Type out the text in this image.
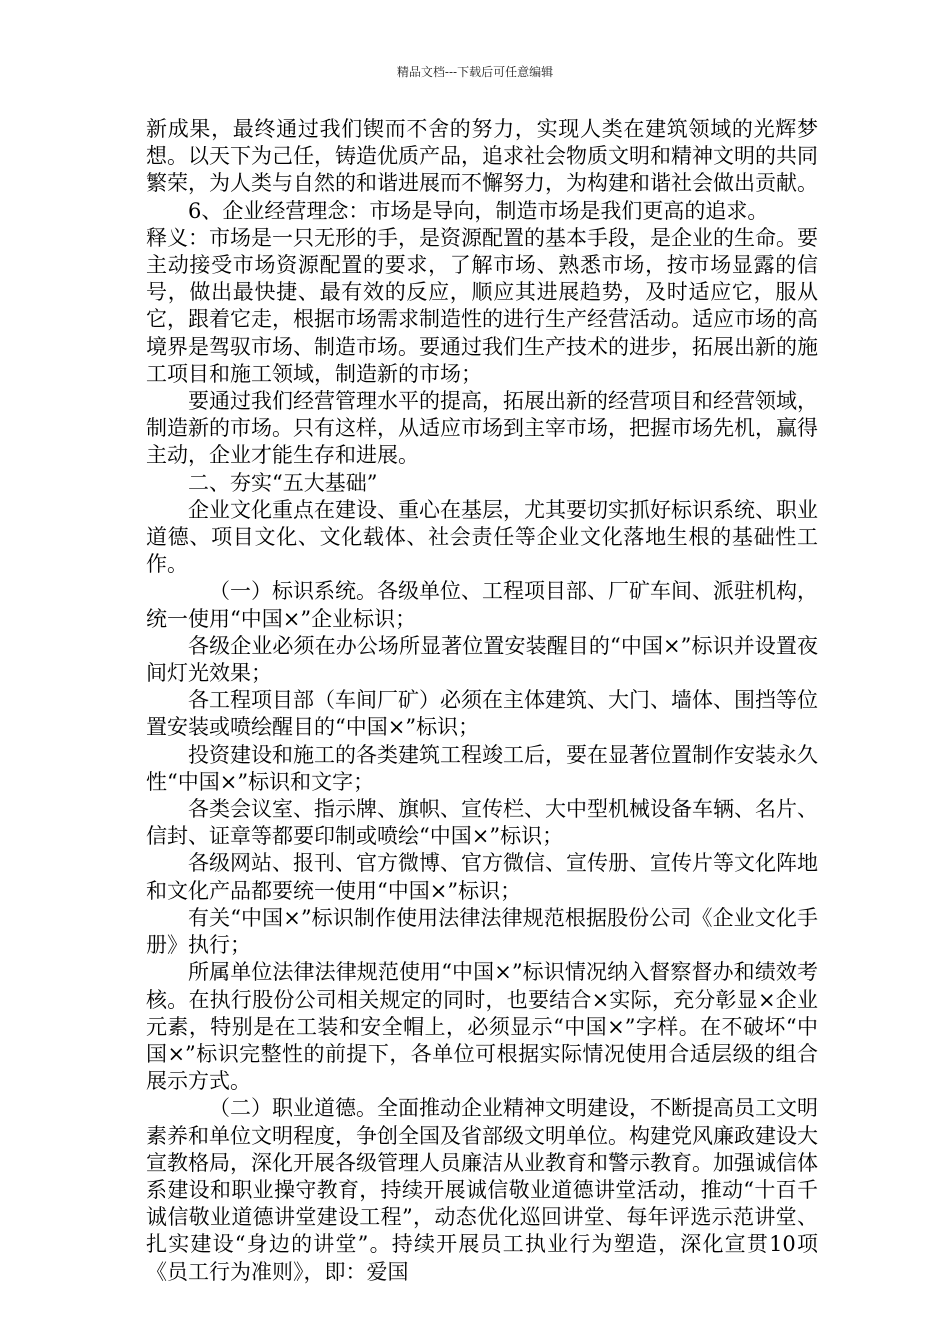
精品文档---下载后可任意编辑

新成果，最终通过我们锲而不舍的努力，实现人类在建筑领域的光辉梦想。以天下为己任，铸造优质产品，追求社会物质文明和精神文明的共同繁荣，为人类与自然的和谐进展而不懈努力，为构建和谐社会做出贡献。

6、企业经营理念：市场是导向，制造市场是我们更高的追求。

释义：市场是一只无形的手，是资源配置的基本手段，是企业的生命。要主动接受市场资源配置的要求，了解市场、熟悉市场，按市场显露的信号，做出最快捷、最有效的反应，顺应其进展趋势，及时适应它，服从它，跟着它走，根据市场需求制造性的进行生产经营活动。适应市场的高境界是驾驭市场、制造市场。要通过我们生产技术的进步，拓展出新的施工项目和施工领域，制造新的市场；

要通过我们经营管理水平的提高，拓展出新的经营项目和经营领域，制造新的市场。只有这样，从适应市场到主宰市场，把握市场先机，赢得主动，企业才能生存和进展。

二、夯实“五大基础”

企业文化重点在建设、重心在基层，尤其要切实抓好标识系统、职业道德、项目文化、文化载体、社会责任等企业文化落地生根的基础性工作。

（一）标识系统。各级单位、工程项目部、厂矿车间、派驻机构，统一使用“中国×”企业标识；

各级企业必须在办公场所显著位置安装醒目的“中国×”标识并设置夜间灯光效果；

各工程项目部（车间厂矿）必须在主体建筑、大门、墙体、围挡等位置安装或喷绘醒目的“中国×”标识；

投资建设和施工的各类建筑工程竣工后，要在显著位置制作安装永久性“中国×”标识和文字；

各类会议室、指示牌、旗帜、宣传栏、大中型机械设备车辆、名片、信封、证章等都要印制或喷绘“中国×”标识；

各级网站、报刊、官方微博、官方微信、宣传册、宣传片等文化阵地和文化产品都要统一使用“中国×”标识；

有关“中国×”标识制作使用法律法律规范根据股份公司《企业文化手册》执行；

所属单位法律法律规范使用“中国×”标识情况纳入督察督办和绩效考核。在执行股份公司相关规定的同时，也要结合×实际，充分彰显×企业元素，特别是在工装和安全帽上，必须显示“中国×”字样。在不破坏“中国×”标识完整性的前提下，各单位可根据实际情况使用合适层级的组合展示方式。

（二）职业道德。全面推动企业精神文明建设，不断提高员工文明素养和单位文明程度，争创全国及省部级文明单位。构建党风廉政建设大宣教格局，深化开展各级管理人员廉洁从业教育和警示教育。加强诚信体系建设和职业操守教育，持续开展诚信敬业道德讲堂活动，推动“十百千诚信敬业道德讲堂建设工程”，动态优化巡回讲堂、每年评选示范讲堂、扎实建设“身边的讲堂”。持续开展员工执业行为塑造，深化宣贯10项《员工行为准则》，即：爱国
